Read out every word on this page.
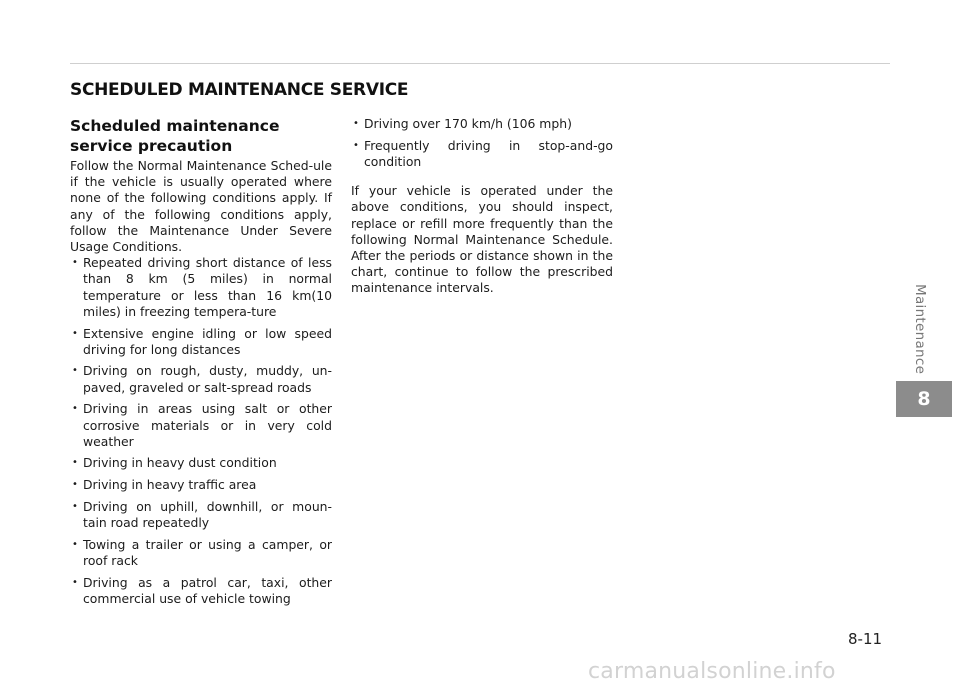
SCHEDULED MAINTENANCE SERVICE
Scheduled maintenance service precaution

Follow the Normal Maintenance Sched-ule if the vehicle is usually operated where none of the following conditions apply. If any of the following conditions apply, follow the Maintenance Under Severe Usage Conditions.

• Repeated driving short distance of less than 8 km (5 miles) in normal temperature or less than 16 km(10 miles) in freezing tempera-ture
• Extensive engine idling or low speed driving for long distances
• Driving on rough, dusty, muddy, un-paved, graveled or salt-spread roads
• Driving in areas using salt or other corrosive materials or in very cold weather
• Driving in heavy dust condition
• Driving in heavy traffic area
• Driving on uphill, downhill, or moun-tain road repeatedly
• Towing a trailer or using a camper, or roof rack
• Driving as a patrol car, taxi, other commercial use of vehicle towing
• Driving over 170 km/h (106 mph)
• Frequently driving in stop-and-go condition

If your vehicle is operated under the above conditions, you should inspect, replace or refill more frequently than the following Normal Maintenance Schedule. After the periods or distance shown in the chart, continue to follow the prescribed maintenance intervals.	Maintenance
8
8-11
carmanualsonline.info
